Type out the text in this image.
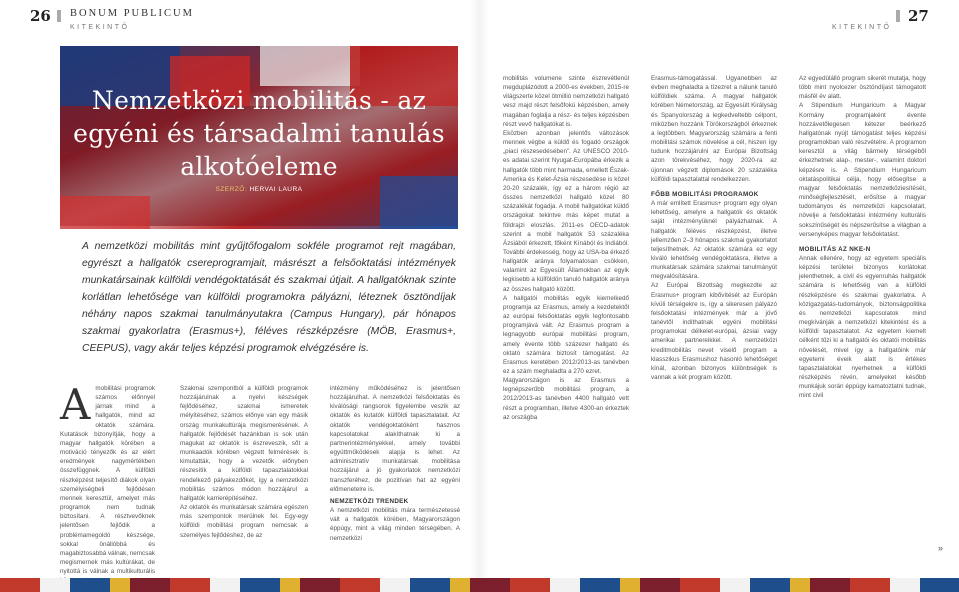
26 BONUM PUBLICUM
KITEKINTŐ	KITEKINTŐ
27
Nemzetközi mobilitás - az egyéni és társadalmi tanulás alkotóeleme
SZERZŐ: HERVAI LAURA
A nemzetközi mobilitás mint gyűjtőfogalom sokféle programot rejt magában, egyrészt a hallgatók csereprogramjait, másrészt a felsőoktatási intézmények munkatársainak külföldi vendégoktatását és szakmai útjait. A hallgatóknak szinte korlátlan lehetősége van külföldi programokra pályázni, léteznek ösztöndíjak néhány napos szakmai tanulmányutakra (Campus Hungary), pár hónapos szakmai gyakorlatra (Erasmus+), féléves részképzésre (MÖB, Erasmus+, CEEPUS), vagy akár teljes képzési programok elvégzésére is.
A mobilitási programok számos előnnyel járnak mind a hallgatók, mind az oktatók számára. Kutatások bizonyítják, hogy a magyar hallgatók körében a motiváció tényezők és az elért eredmények nagymértékben összefüggnek. A külföldi részképzést teljesítő diákok olyan személyiségbeli fejlődésen mennek keresztül, amelyet más programok nem tudnak biztosítani. A résztvevőknek jelentősen fejlődik a problémamegoldó készsége, sokkal önállóbbá és magabiztosabbá válnak, nemcsak megismernek más kultúrákat, de nyitottá is válnak a multikulturális
Szakmai szempontból a külföldi programok hozzájárulnak a nyelvi készségek fejlődéséhez, szakmai ismeretek mélyítéséhez, számos előnye van egy másik ország munkakultúrája megismerésének. A hallgatók fejlődését hazánkban is sok után magukat az oktatók is észreveszik, sőt a munkaadók körében végzett felmérések is kimutatták, hogy a vezetők előnyben részesítik a külföldi tapasztalatokkal rendelkező pályakezdőket, így a nemzetközi mobilitás számos módon hozzájárul a hallgatók karrierépítéséhez.
Az oktatók és munkatársak számára egészen más szempontok merülnek fel. Egy-egy külföldi mobilitási program nemcsak a személyes fejlődéshez, de az

intézmény működéséhez is jelentősen hozzájárulhat. A nemzetközi felsőoktatás és kiválósági rangsorok figyelembe veszik az oktatók és kutatók külföldi tapasztalatait. Az oktatók vendégoktatóként hasznos kapcsolatokat alakíthatnak ki a partnerintézményekkel, amely további együttműködések alapja is lehet. Az adminisztratív munkatársak mobilitása hozzájárul a jó gyakorlatok nemzetközi transzferéhez, de pozitívan hat az egyéni előmenetelre is.

NEMZETKÖZI TRENDEK

A nemzetközi mobilitás mára természetessé vált a hallgatók körében, Magyarországon éppúgy, mint a világ minden térségében. A nemzetközi

mobilitás volumene szinte észrevétlenül megduplázódott a 2000-es években, 2015-re világszerte közel ötmillió nemzetközi hallgató vesz majd részt felsőfokú képzésben, amely magában foglalja a rész- és teljes képzésben részt vevő hallgatókat is.
Eközben azonban jelentős változások mennek végbe a küldő és fogadó országok „piaci részesedésében”. Az UNESCO 2010-es adatai szerint Nyugat-Európába érkezik a hallgatók több mint harmada, emellett Észak-Amerika és Kelet-Ázsia részesedése is közel 20-20 százalék, így ez a három régió az összes nemzetközi hallgató közel 80 százalékát fogadja. A mobil hallgatókat küldő országokat tekintve más képet mutat a földrajzi eloszlás. 2011-es OECD-adatok szerint a mobil hallgatók 53 százaléka Ázsiából érkezett, főként Kínából és Indiából. További érdekesség, hogy az USA-ba érkező hallgatók aránya folyamatosan csökken, valamint az Egyesült Államokban az egyik legkisebb a külföldön tanuló hallgatók aránya az összes hallgató között.
A hallgatói mobilitás egyik kiemelkedő programja az Erasmus, amely a kezdetektől az európai felsőoktatás egyik legfontosabb programjává vált. Az Erasmus program a legnagyobb európai mobilitási program, amely évente több százezer hallgató és oktató számára biztosít támogatást. Az Erasmus keretében 2012/2013-as tanévben ez a szám meghaladta a 270 ezret.
Magyarországon is az Erasmus a legnépszerűbb mobilitási program, a 2012/2013-as tanévben 4400 hallgató vett részt a programban, illetve 4300-an érkeztek az országba

Erasmus-támogatással. Ugyanebben az évben meghaladta a tízezret a nálunk tanuló külföldiek száma. A magyar hallgatók körében Németország, az Egyesült Királyság és Spanyolország a legkedveltebb célpont, miközben hozzánk Törökországból érkeznek a legtöbben. Magyarország számára a fenti mobilitási számok növelése a cél, hiszen így tudunk hozzájárulni az Európai Bizottság azon törekvéséhez, hogy 2020-ra az újonnan végzett diplomások 20 százaléka külföldi tapasztalattal rendelkezzen.

FŐBB MOBILITÁSI PROGRAMOK

A már említett Erasmus+ program egy olyan lehetőség, amelyre a hallgatók és oktatók saját intézményüknél pályázhatnak. A hallgatók féléves részképzést, illetve jellemzően 2–3 hónapos szakmai gyakorlatot teljesíthetnek. Az oktatók számára ez egy kiváló lehetőség vendégoktatásra, illetve a munkatársak számára szakmai tanulmányút megvalósítására.
Az Európai Bizottság megkezdte az Erasmus+ program kibővítését az Európán kívüli térségekre is, így a sikeresen pályázó felsőoktatási intézmények már a jövő tanévtől indíthatnak egyéni mobilitási programokat délkelet-európai, ázsiai vagy amerikai partnereikkel. A nemzetközi kreditmobilitás nevet viselő program a klasszikus Erasmushoz hasonló lehetőséget kínál, azonban bizonyos különbségek is vannak a két program között.

Az egyedülálló program sikerét mutatja, hogy több mint nyolcezer ösztöndíjast támogatott másfél év alatt.
A Stipendium Hungaricum a Magyar Kormány programjaként évente hozzávetőlegesen kétezer beérkező hallgatónak nyújt támogatást teljes képzési programokban való részvételre. A programon keresztül a világ bármely térségéből érkezhetnek alap-, mester-, valamint doktori képzésre is. A Stipendium Hungaricum oktatáspolitikai célja, hogy elősegítse a magyar felsőoktatás nemzetköziesítését, minőségfejlesztését, erősítse a magyar tudományos és nemzetközi kapcsolatait, növelje a felsőoktatási intézmény kulturális sokszínűségét és népszerűsítse a világban a versenyképes magyar felsőoktatást.

MOBILITÁS AZ NKE-N

Annak ellenére, hogy az egyetem speciális képzési területei bizonyos korlátokat jelenthetnek, a civil és egyenruhás hallgatók számára is lehetőség van a külföldi részképzésre és szakmai gyakorlatra. A közigazgatás-tudományok, biztonságpolitika és nemzetközi kapcsolatok mind megkívánják a nemzetközi kitekintést és a külföldi tapasztalatot. Az egyetem kiemelt célként tűzi ki a hallgatói és oktatói mobilitás növelését, mivel így a hallgatóink már egyetemi éveik alatt is értékes tapasztalatokat nyerhetnek a külföldi részképzés révén, amelyeket később munkájuk során éppúgy kamatoztatni tudnak, mint civil

»
